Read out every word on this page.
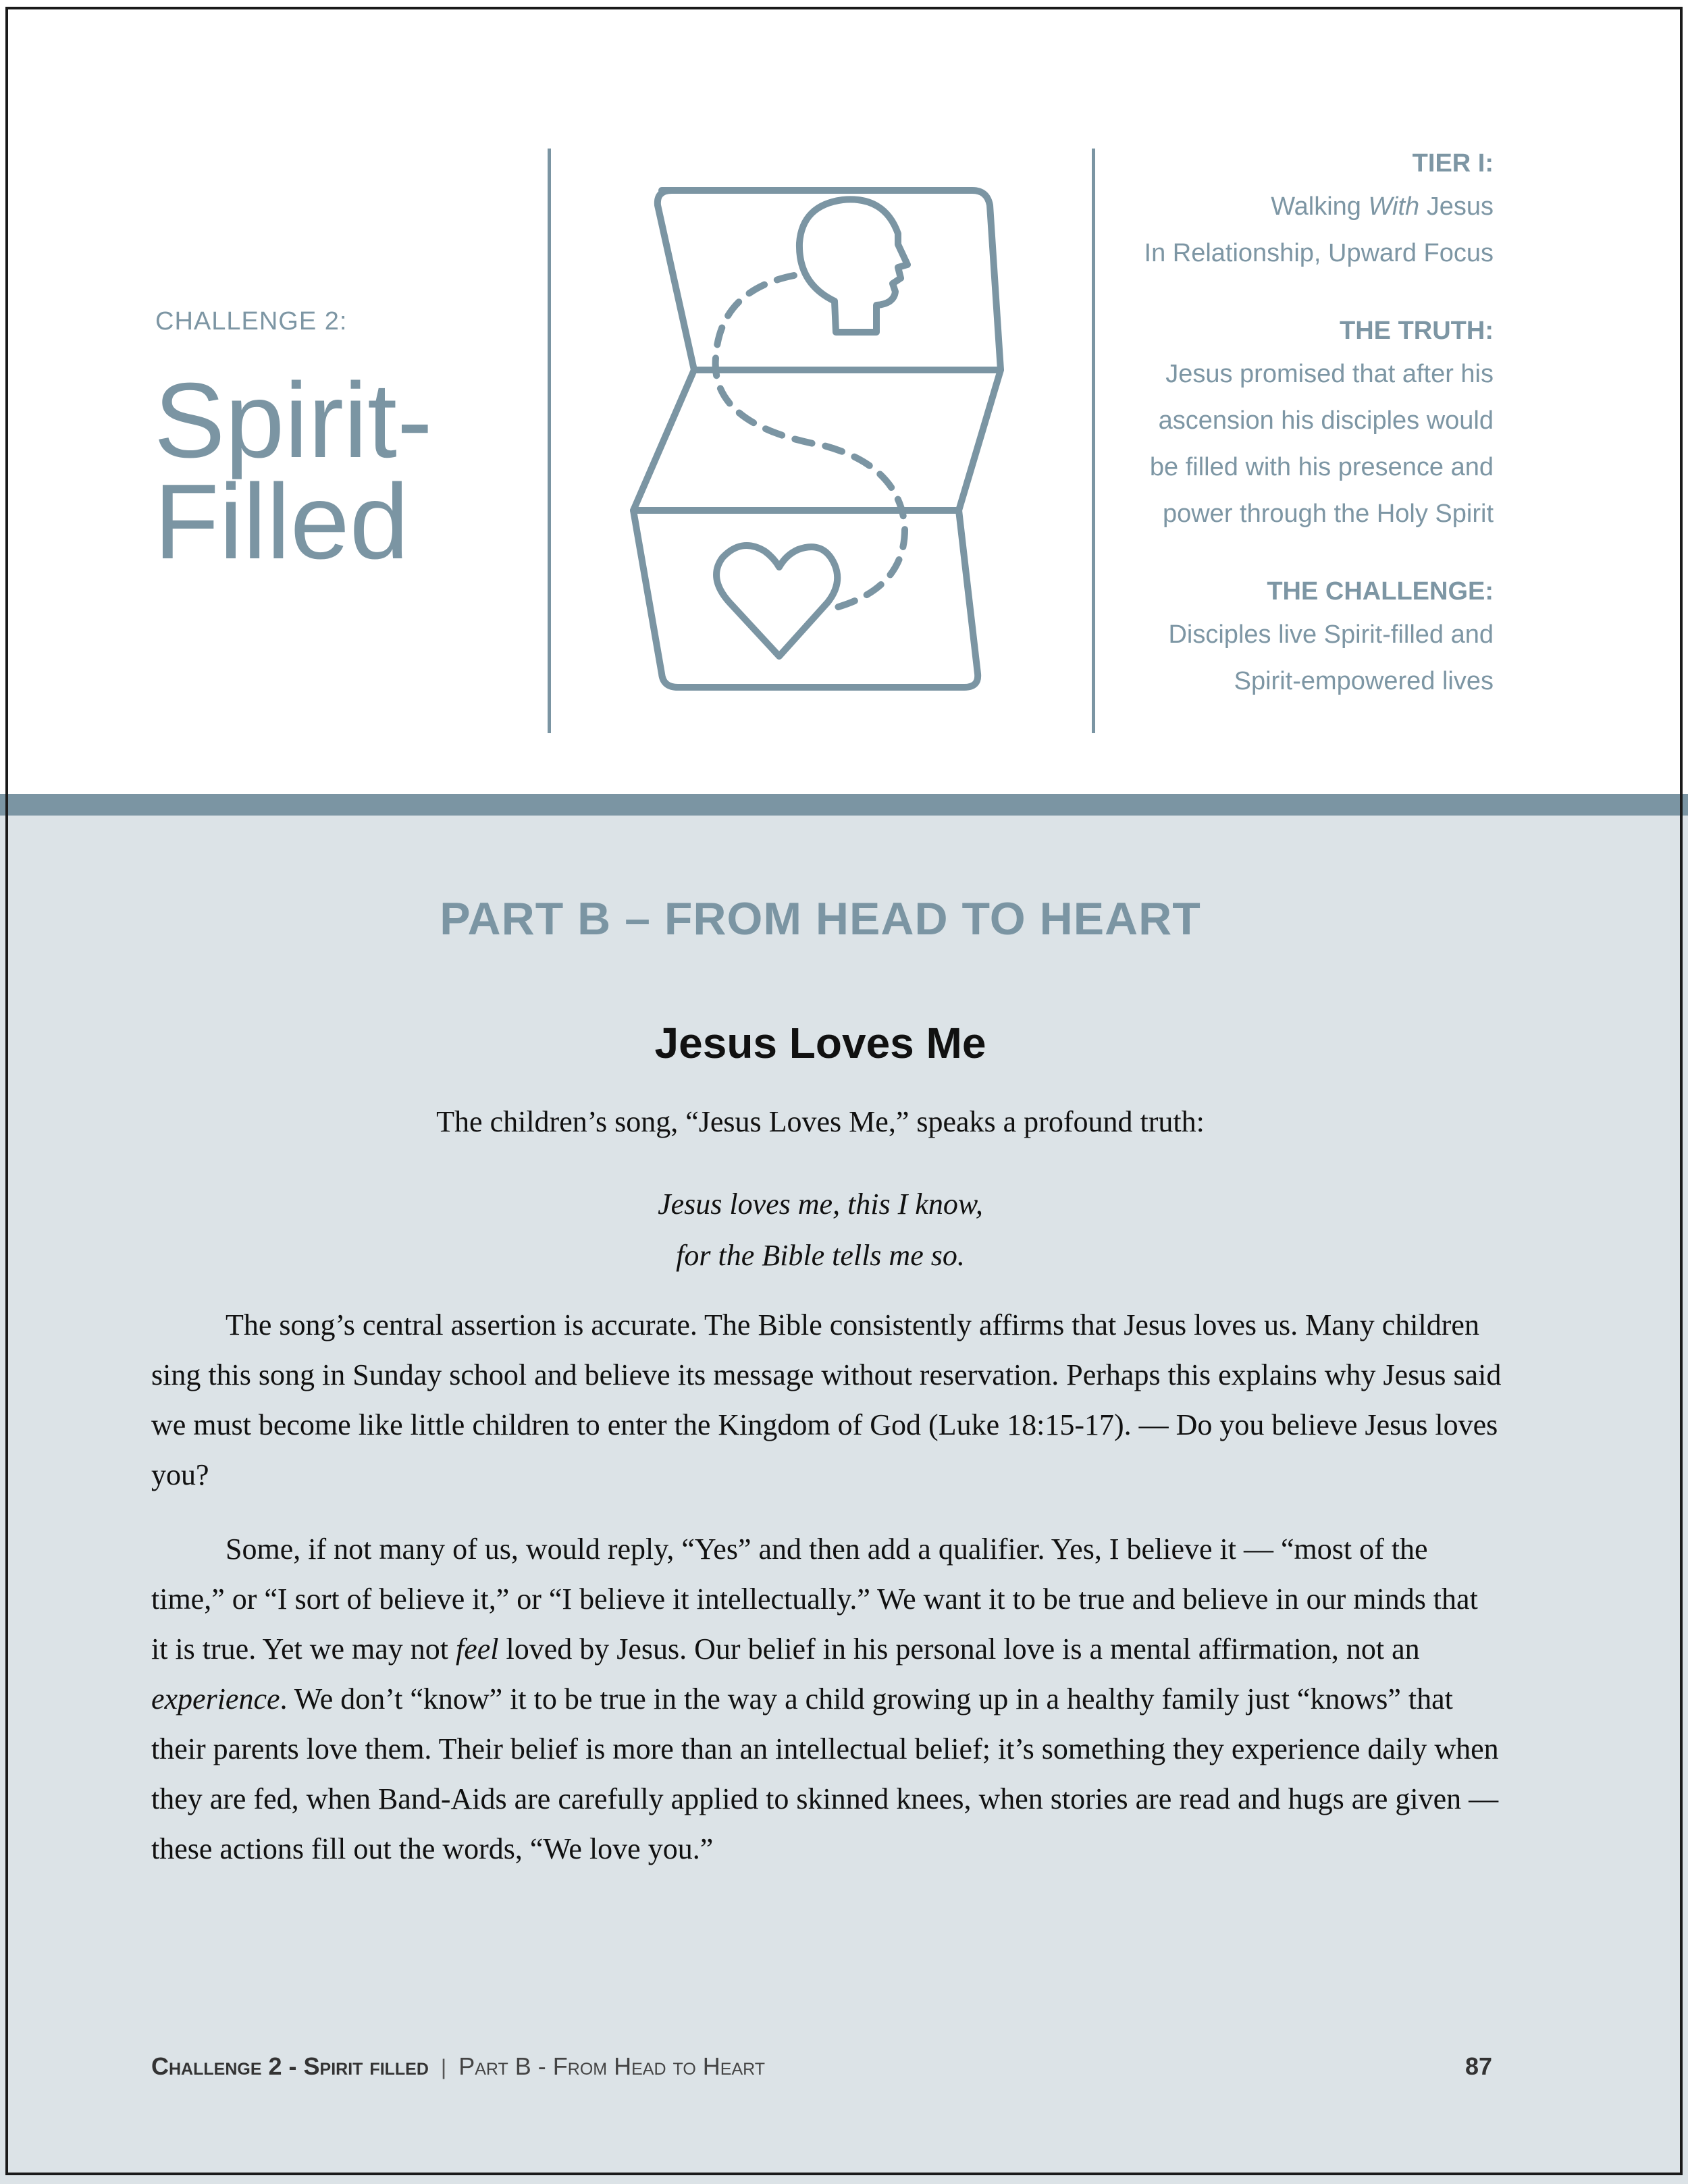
CHALLENGE 2:
Spirit-
Filled
TIER I:
Walking With Jesus
In Relationship, Upward Focus
THE TRUTH:
Jesus promised that after his
ascension his disciples would
be filled with his presence and
power through the Holy Spirit
THE CHALLENGE:
Disciples live Spirit-filled and
Spirit-empowered lives
PART B – FROM HEAD TO HEART
Jesus Loves Me
The children’s song, “Jesus Loves Me,” speaks a profound truth:
Jesus loves me, this I know,
for the Bible tells me so.

The song’s central assertion is accurate. The Bible consistently affirms that Jesus loves us. Many children sing this song in Sunday school and believe its message without reservation. Perhaps this explains why Jesus said we must become like little children to enter the Kingdom of God (Luke 18:15-17). — Do you believe Jesus loves you?

Some, if not many of us, would reply, “Yes” and then add a qualifier. Yes, I believe it — “most of the time,” or “I sort of believe it,” or “I believe it intellectually.” We want it to be true and believe in our minds that it is true. Yet we may not feel loved by Jesus. Our belief in his personal love is a mental affirmation, not an experience. We don’t “know” it to be true in the way a child growing up in a healthy family just “knows” that their parents love them. Their belief is more than an intellectual belief; it’s something they experience daily when they are fed, when Band-Aids are carefully applied to skinned knees, when stories are read and hugs are given — these actions fill out the words, “We love you.”

Challenge 2 - Spirit filled | Part B - From Head to Heart	87
